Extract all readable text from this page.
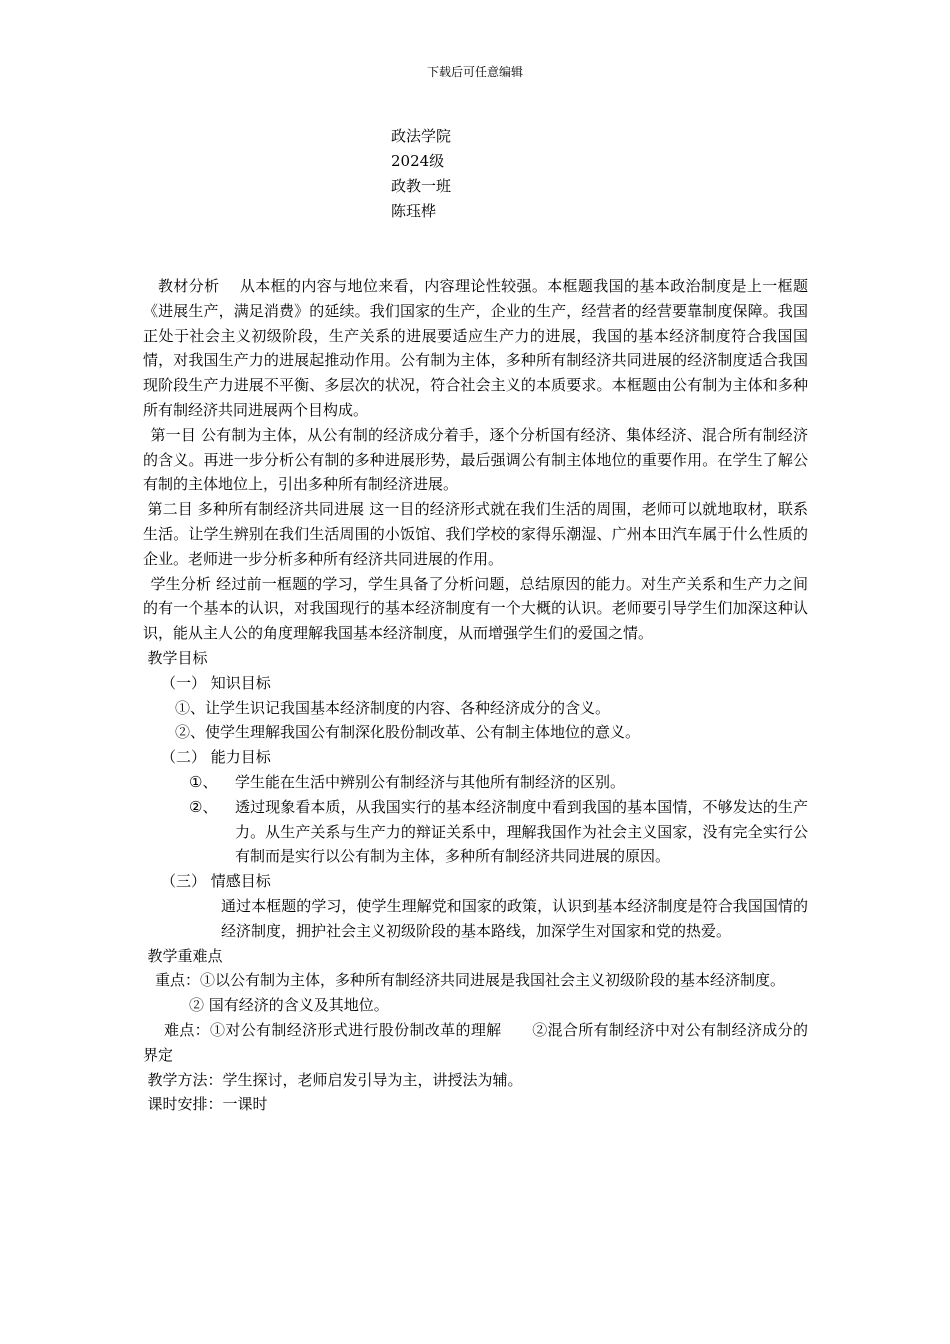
下载后可任意编辑
政法学院
2024级
政教一班
陈珏桦

教材分析　 从本框的内容与地位来看，内容理论性较强。本框题我国的基本政治制度是上一框题《进展生产，满足消费》的延续。我们国家的生产，企业的生产，经营者的经营要靠制度保障。我国正处于社会主义初级阶段，生产关系的进展要适应生产力的进展，我国的基本经济制度符合我国国情，对我国生产力的进展起推动作用。公有制为主体，多种所有制经济共同进展的经济制度适合我国现阶段生产力进展不平衡、多层次的状况，符合社会主义的本质要求。本框题由公有制为主体和多种所有制经济共同进展两个目构成。

第一目 公有制为主体，从公有制的经济成分着手，逐个分析国有经济、集体经济、混合所有制经济的含义。再进一步分析公有制的多种进展形势，最后强调公有制主体地位的重要作用。在学生了解公有制的主体地位上，引出多种所有制经济进展。

第二目 多种所有制经济共同进展 这一目的经济形式就在我们生活的周围，老师可以就地取材，联系生活。让学生辨别在我们生活周围的小饭馆、我们学校的家得乐潮湿、广州本田汽车属于什么性质的企业。老师进一步分析多种所有经济共同进展的作用。

学生分析 经过前一框题的学习，学生具备了分析问题，总结原因的能力。对生产关系和生产力之间的有一个基本的认识，对我国现行的基本经济制度有一个大概的认识。老师要引导学生们加深这种认识，能从主人公的角度理解我国基本经济制度，从而增强学生们的爱国之情。

教学目标

（一） 知识目标

①、让学生识记我国基本经济制度的内容、各种经济成分的含义。

②、使学生理解我国公有制深化股份制改革、公有制主体地位的意义。

（二） 能力目标

①、	学生能在生活中辨别公有制经济与其他所有制经济的区别。
②、	透过现象看本质，从我国实行的基本经济制度中看到我国的基本国情，不够发达的生产力。从生产关系与生产力的辩证关系中，理解我国作为社会主义国家，没有完全实行公有制而是实行以公有制为主体，多种所有制经济共同进展的原因。

（三） 情感目标

通过本框题的学习，使学生理解党和国家的政策，认识到基本经济制度是符合我国国情的经济制度，拥护社会主义初级阶段的基本路线，加深学生对国家和党的热爱。

教学重难点

重点：①以公有制为主体，多种所有制经济共同进展是我国社会主义初级阶段的基本经济制度。

② 国有经济的含义及其地位。

难点：①对公有制经济形式进行股份制改革的理解　　②混合所有制经济中对公有制经济成分的界定

教学方法：学生探讨，老师启发引导为主，讲授法为辅。

课时安排：一课时
